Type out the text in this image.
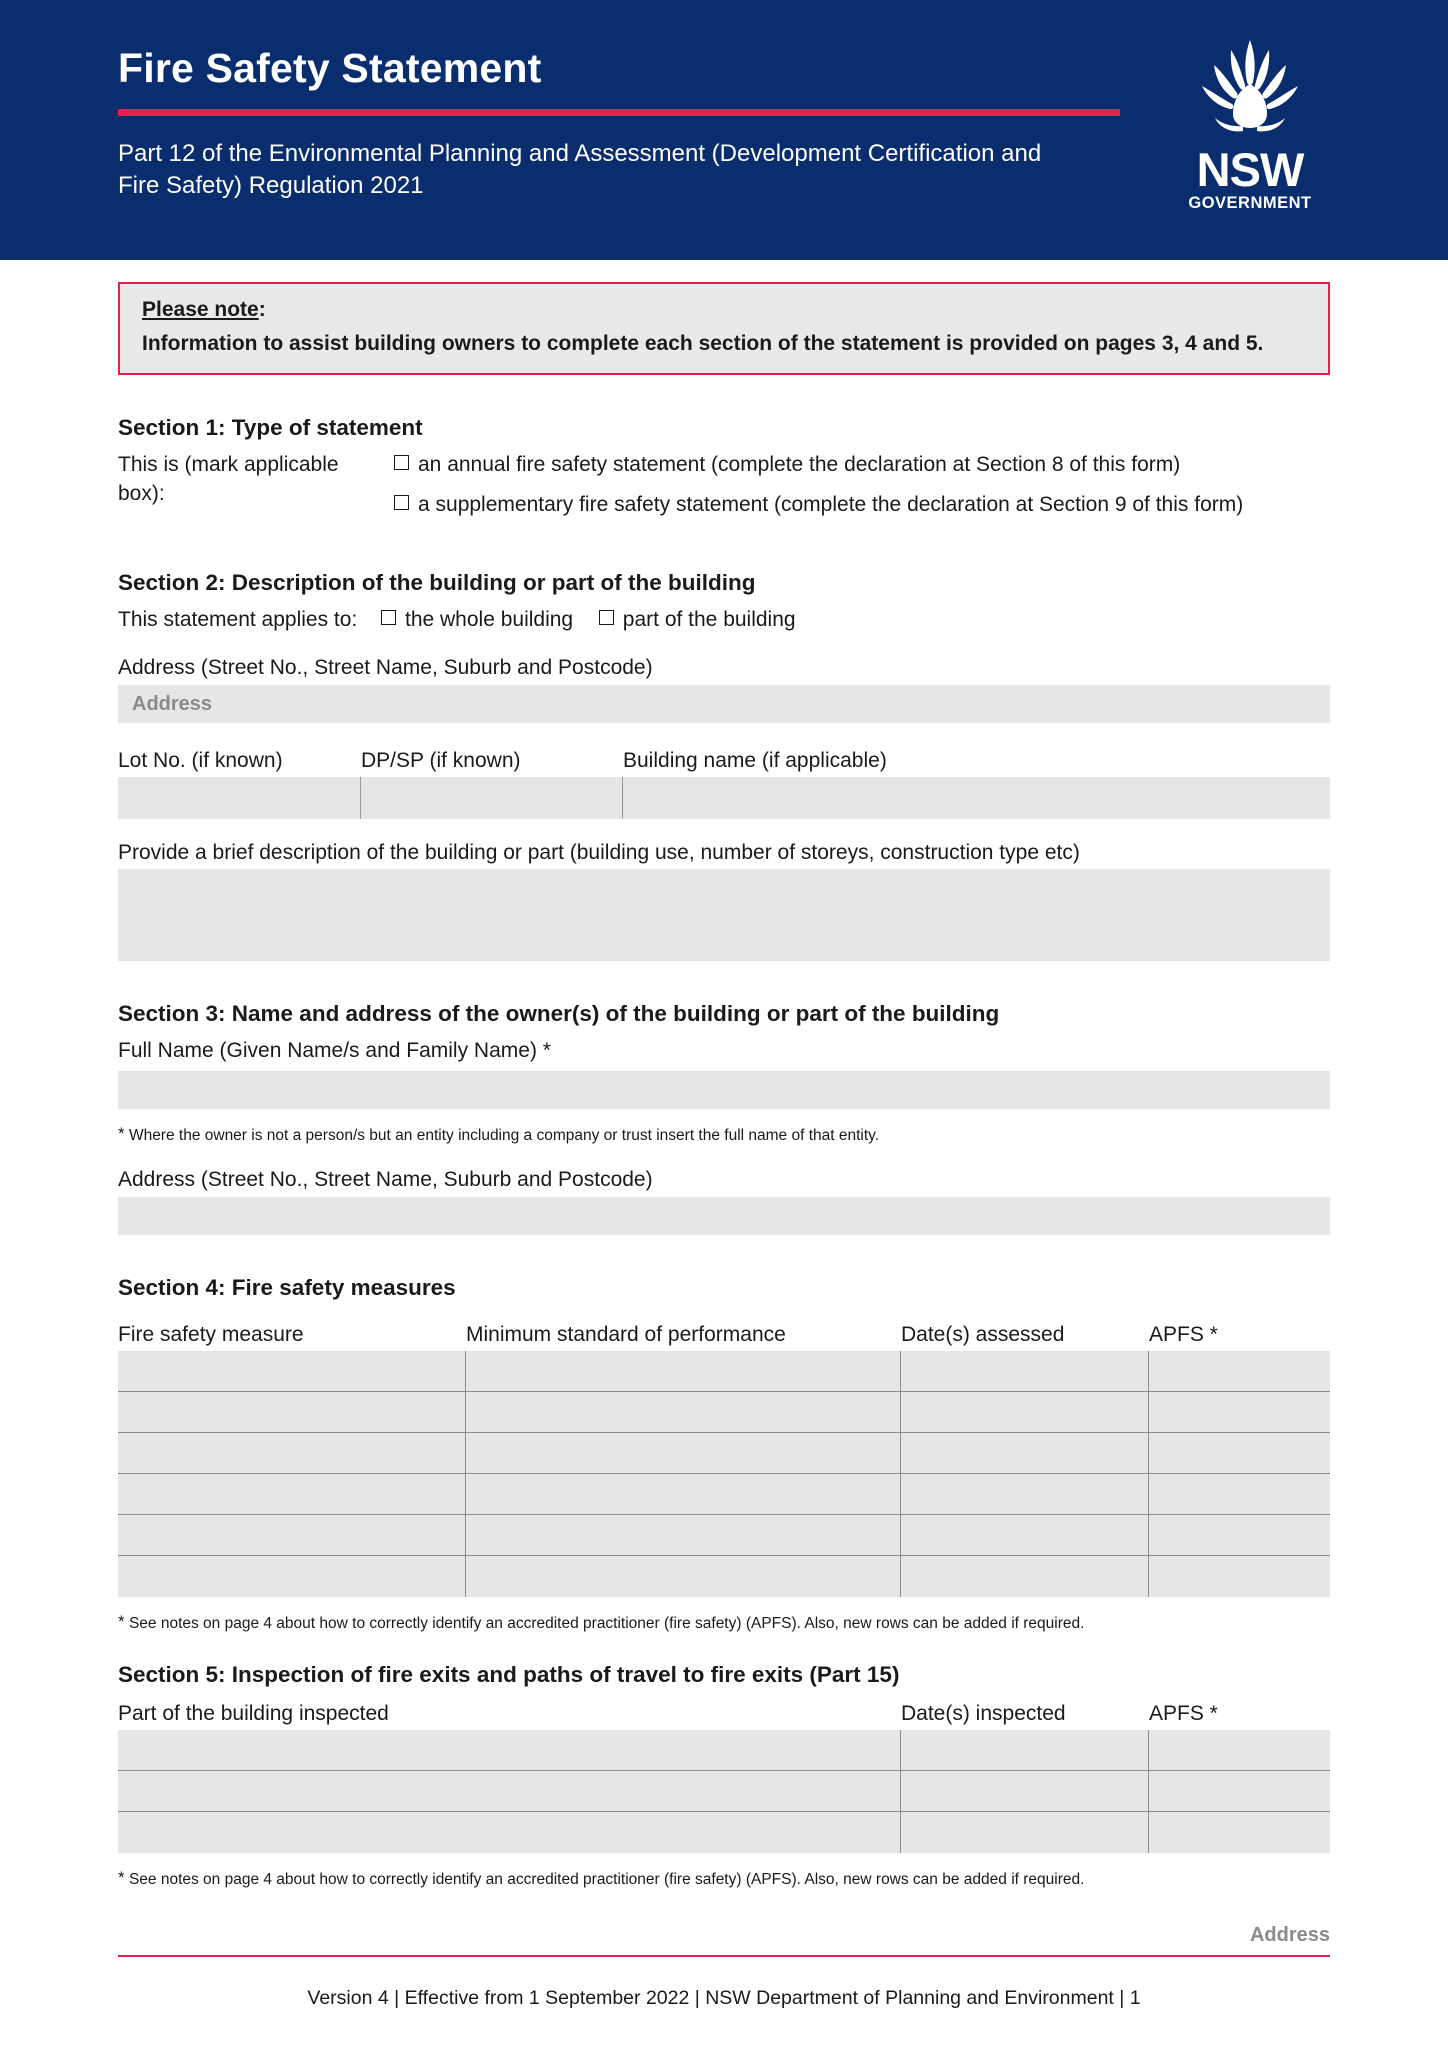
Fire Safety Statement

Part 12 of the Environmental Planning and Assessment (Development Certification and Fire Safety) Regulation 2021	NSW
GOVERNMENT
Please note:
Information to assist building owners to complete each section of the statement is provided on pages 3, 4 and 5.
Section 1: Type of statement
This is (mark applicable box):
an annual fire safety statement (complete the declaration at Section 8 of this form)
a supplementary fire safety statement (complete the declaration at Section 9 of this form)
Section 2: Description of the building or part of the building
This statement applies to: the whole building part of the building
Address (Street No., Street Name, Suburb and Postcode)
Address
Lot No. (if known)	DP/SP (if known)	Building name (if applicable)
Provide a brief description of the building or part (building use, number of storeys, construction type etc)
Section 3: Name and address of the owner(s) of the building or part of the building
Full Name (Given Name/s and Family Name) *
* Where the owner is not a person/s but an entity including a company or trust insert the full name of that entity.
Address (Street No., Street Name, Suburb and Postcode)
Section 4: Fire safety measures
Fire safety measure	Minimum standard of performance	Date(s) assessed	APFS *
* See notes on page 4 about how to correctly identify an accredited practitioner (fire safety) (APFS). Also, new rows can be added if required.
Section 5: Inspection of fire exits and paths of travel to fire exits (Part 15)
Part of the building inspected	Date(s) inspected	APFS *
* See notes on page 4 about how to correctly identify an accredited practitioner (fire safety) (APFS). Also, new rows can be added if required.
Address
Version 4 | Effective from 1 September 2022 | NSW Department of Planning and Environment | 1
